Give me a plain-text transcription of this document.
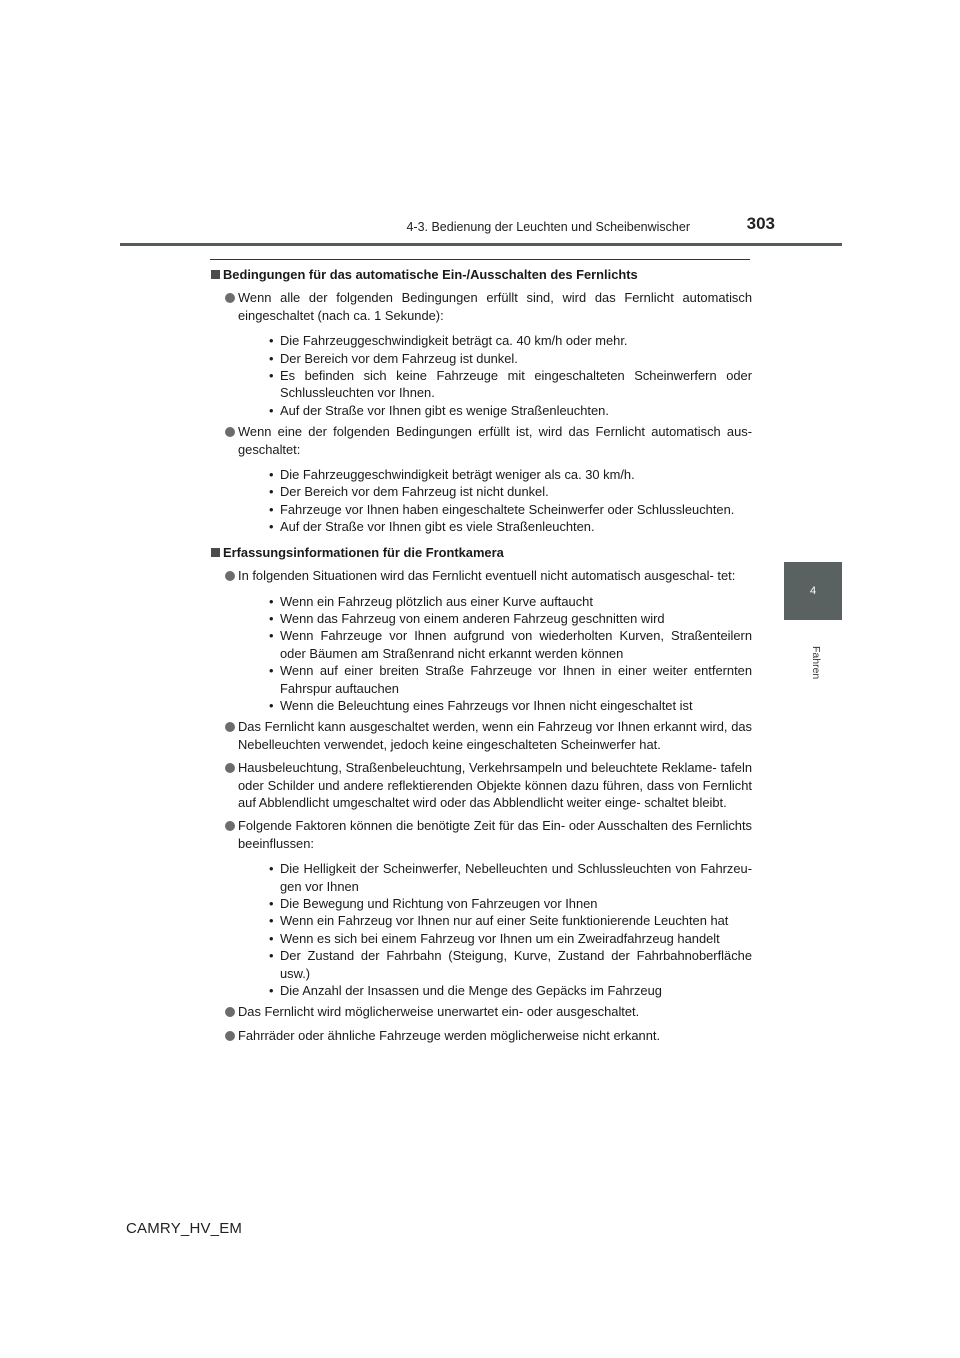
4-3. Bedienung der Leuchten und Scheibenwischer	303
4
Fahren
Bedingungen für das automatische Ein-/Ausschalten des Fernlichts
Wenn alle der folgenden Bedingungen erfüllt sind, wird das Fernlicht automatisch eingeschaltet (nach ca. 1 Sekunde):
• Die Fahrzeuggeschwindigkeit beträgt ca. 40 km/h oder mehr.
• Der Bereich vor dem Fahrzeug ist dunkel.
• Es befinden sich keine Fahrzeuge mit eingeschalteten Scheinwerfern oder Schlussleuchten vor Ihnen.
• Auf der Straße vor Ihnen gibt es wenige Straßenleuchten.
Wenn eine der folgenden Bedingungen erfüllt ist, wird das Fernlicht automatisch aus- geschaltet:
• Die Fahrzeuggeschwindigkeit beträgt weniger als ca. 30 km/h.
• Der Bereich vor dem Fahrzeug ist nicht dunkel.
• Fahrzeuge vor Ihnen haben eingeschaltete Scheinwerfer oder Schlussleuchten.
• Auf der Straße vor Ihnen gibt es viele Straßenleuchten.
Erfassungsinformationen für die Frontkamera
In folgenden Situationen wird das Fernlicht eventuell nicht automatisch ausgeschal- tet:
• Wenn ein Fahrzeug plötzlich aus einer Kurve auftaucht
• Wenn das Fahrzeug von einem anderen Fahrzeug geschnitten wird
• Wenn Fahrzeuge vor Ihnen aufgrund von wiederholten Kurven, Straßenteilern oder Bäumen am Straßenrand nicht erkannt werden können
• Wenn auf einer breiten Straße Fahrzeuge vor Ihnen in einer weiter entfernten Fahrspur auftauchen
• Wenn die Beleuchtung eines Fahrzeugs vor Ihnen nicht eingeschaltet ist
Das Fernlicht kann ausgeschaltet werden, wenn ein Fahrzeug vor Ihnen erkannt wird, das Nebelleuchten verwendet, jedoch keine eingeschalteten Scheinwerfer hat.
Hausbeleuchtung, Straßenbeleuchtung, Verkehrsampeln und beleuchtete Reklame- tafeln oder Schilder und andere reflektierenden Objekte können dazu führen, dass von Fernlicht auf Abblendlicht umgeschaltet wird oder das Abblendlicht weiter einge- schaltet bleibt.
Folgende Faktoren können die benötigte Zeit für das Ein- oder Ausschalten des Fernlichts beeinflussen:
• Die Helligkeit der Scheinwerfer, Nebelleuchten und Schlussleuchten von Fahrzeu- gen vor Ihnen
• Die Bewegung und Richtung von Fahrzeugen vor Ihnen
• Wenn ein Fahrzeug vor Ihnen nur auf einer Seite funktionierende Leuchten hat
• Wenn es sich bei einem Fahrzeug vor Ihnen um ein Zweiradfahrzeug handelt
• Der Zustand der Fahrbahn (Steigung, Kurve, Zustand der Fahrbahnoberfläche usw.)
• Die Anzahl der Insassen und die Menge des Gepäcks im Fahrzeug
Das Fernlicht wird möglicherweise unerwartet ein- oder ausgeschaltet.
Fahrräder oder ähnliche Fahrzeuge werden möglicherweise nicht erkannt.
CAMRY_HV_EM
